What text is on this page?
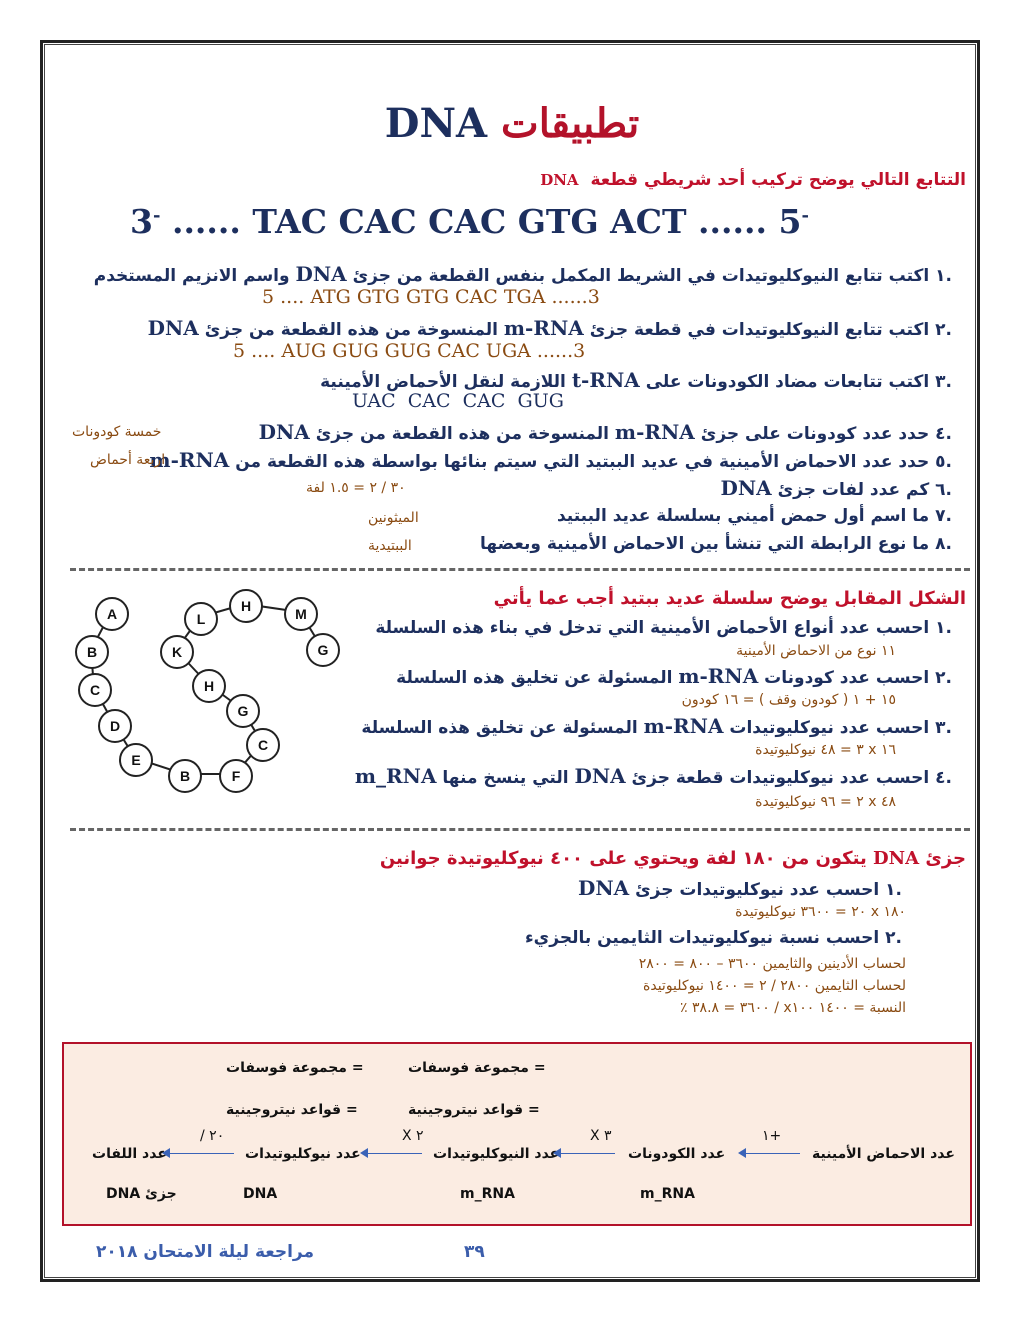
تطبيقات DNA
التتابع التالي يوضح تركيب أحد شريطي قطعة DNA
3- ...... TAC CAC CAC GTG ACT ...... 5-
.١ اكتب تتابع النيوكليوتيدات في الشريط المكمل بنفس القطعة من جزئ DNA واسم الانزيم المستخدم
5 .... ATG GTG GTG CAC TGA ......3
.٢ اكتب تتابع النيوكليوتيدات في قطعة جزئ m-RNA المنسوخة من هذه القطعة من جزئ DNA
5 .... AUG GUG GUG CAC UGA ......3
.٣ اكتب تتابعات مضاد الكودونات على t-RNA اللازمة لنقل الأحماض الأمينية
UAC  CAC  CAC  GUG
.٤ حدد عدد كودونات على جزئ m-RNA المنسوخة من هذه القطعة من جزئ DNA
خمسة كودونات
.٥ حدد عدد الاحماض الأمينية في عديد الببتيد التي سيتم بنائها بواسطة هذه القطعة من m-RNA
اربعة أحماض
.٦ كم عدد لفات جزئ DNA
٣٠ / ٢ = ١.٥ لفة
.٧ ما اسم أول حمض أميني بسلسلة عديد الببتيد
الميثونين
.٨ ما نوع الرابطة التي تنشأ بين الاحماض الأمينية وبعضها
الببتيدية
الشكل المقابل يوضح سلسلة عديد ببتيد أجب عما يأتي
A
B
C
D
E
B	F
C
G
H
K
L
H	M
G
.١ احسب عدد أنواع الأحماض الأمينية التي تدخل في بناء هذه السلسلة
١١ نوع من الاحماض الأمينية
.٢ احسب عدد كودونات m-RNA المسئولة عن تخليق هذه السلسلة
١٥ + ١ ( كودون وقف ) = ١٦ كودون
.٣ احسب عدد نيوكليوتيدات m-RNA المسئولة عن تخليق هذه السلسلة
١٦ x ٣ = ٤٨ نيوكليوتيدة
.٤ احسب عدد نيوكليوتيدات قطعة جزئ DNA التي ينسخ منها m_RNA
٤٨ x ٢ = ٩٦ نيوكليوتيدة
جزئ DNA يتكون من ١٨٠ لفة ويحتوي على ٤٠٠ نيوكليوتيدة جوانين
.١ احسب عدد نيوكليوتيدات جزئ DNA
١٨٠ x ٢٠ = ٣٦٠٠ نيوكليوتيدة
.٢ احسب نسبة نيوكليوتيدات الثايمين بالجزيء
لحساب الأدينين والثايمين ٣٦٠٠ – ٨٠٠ = ٢٨٠٠
لحساب الثايمين ٢٨٠٠ / ٢ = ١٤٠٠ نيوكليوتيدة
النسبة = ١٤٠٠ x١٠٠ / ٣٦٠٠ = ٣٨.٨ ٪
= مجموعة فوسفات
= مجموعة فوسفات
= قواعد نيتروجينية
= قواعد نيتروجينية
عدد الاحماض الأمينية
عدد الكودونات
عدد النيوكليوتيدات
عدد نيوكليوتيدات
عدد اللفات
+١
٣ X
٢ X
٢٠ /
m_RNA
m_RNA
DNA
جزئ DNA
٣٩
مراجعة ليلة الامتحان ٢٠١٨
